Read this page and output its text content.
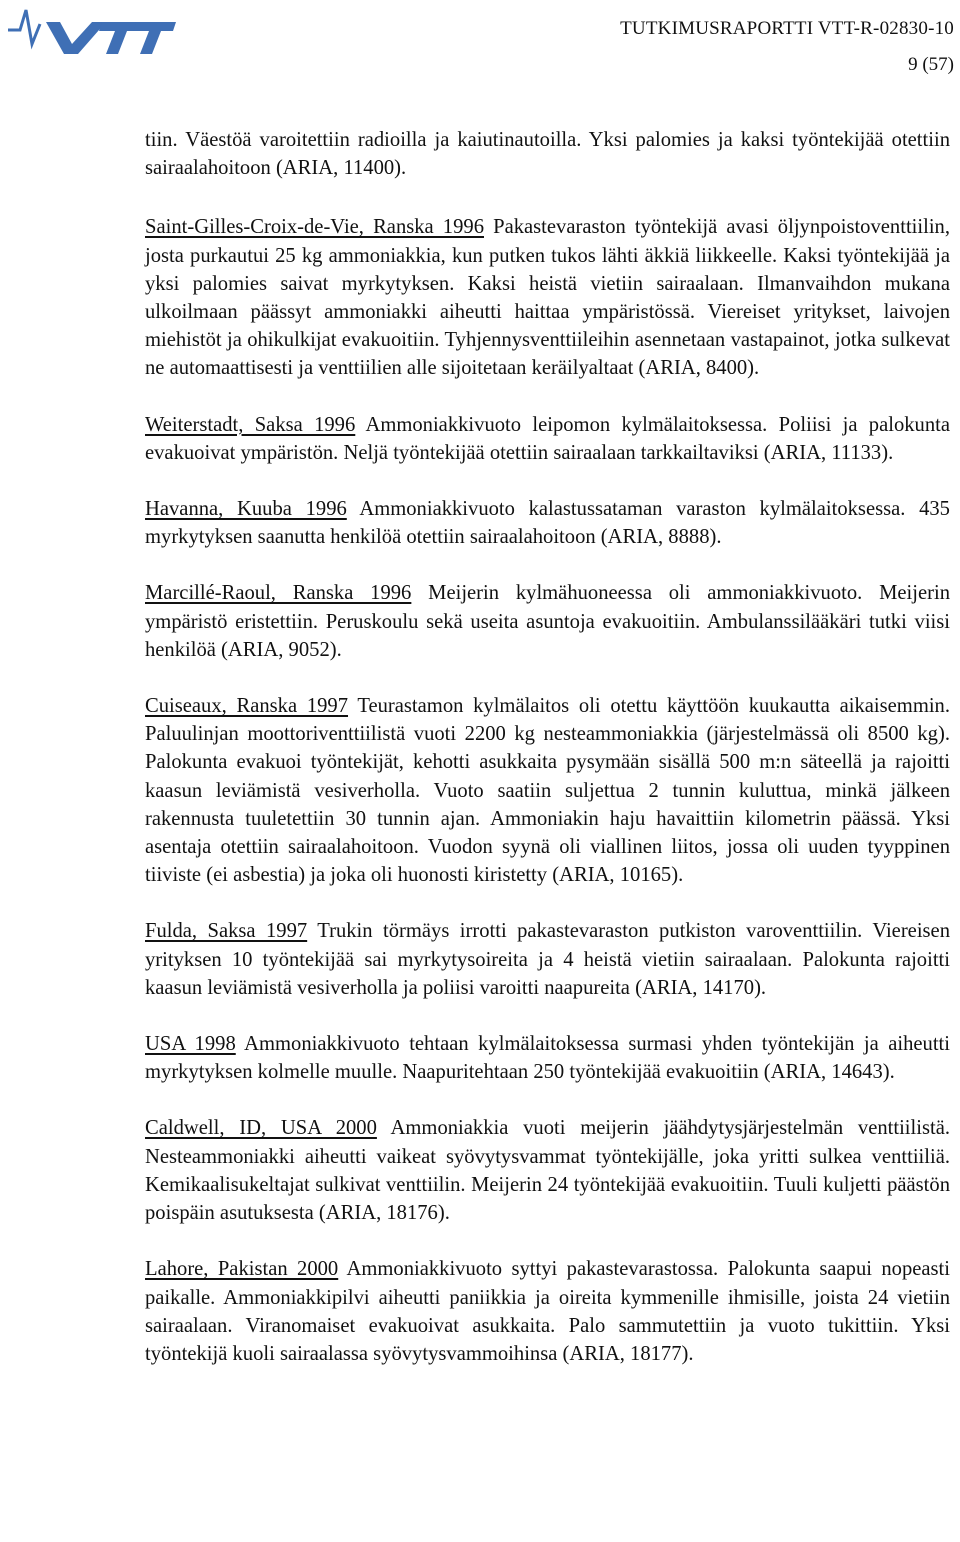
TUTKIMUSRAPORTTI VTT-R-02830-10
9 (57)

tiin. Väestöä varoitettiin radioilla ja kaiutinautoilla. Yksi palomies ja kaksi työntekijää otettiin sairaalahoitoon (ARIA, 11400).

Saint-Gilles-Croix-de-Vie, Ranska 1996 Pakastevaraston työntekijä avasi öljynpoistoventtiilin, josta purkautui 25 kg ammoniakkia, kun putken tukos lähti äkkiä liikkeelle. Kaksi työntekijää ja yksi palomies saivat myrkytyksen. Kaksi heistä vietiin sairaalaan. Ilmanvaihdon mukana ulkoilmaan päässyt ammoniakki aiheutti haittaa ympäristössä. Viereiset yritykset, laivojen miehistöt ja ohikulkijat evakuoitiin. Tyhjennysventtiileihin asennetaan vastapainot, jotka sulkevat ne automaattisesti ja venttiilien alle sijoitetaan keräilyaltaat (ARIA, 8400).

Weiterstadt, Saksa 1996 Ammoniakkivuoto leipomon kylmälaitoksessa. Poliisi ja palokunta evakuoivat ympäristön. Neljä työntekijää otettiin sairaalaan tarkkailtaviksi (ARIA, 11133).

Havanna, Kuuba 1996 Ammoniakkivuoto kalastussataman varaston kylmälaitoksessa. 435 myrkytyksen saanutta henkilöä otettiin sairaalahoitoon (ARIA, 8888).

Marcillé-Raoul, Ranska 1996 Meijerin kylmähuoneessa oli ammoniakkivuoto. Meijerin ympäristö eristettiin. Peruskoulu sekä useita asuntoja evakuoitiin. Ambulanssilääkäri tutki viisi henkilöä (ARIA, 9052).

Cuiseaux, Ranska 1997 Teurastamon kylmälaitos oli otettu käyttöön kuukautta aikaisemmin. Paluulinjan moottoriventtiilistä vuoti 2200 kg nesteammoniakkia (järjestelmässä oli 8500 kg). Palokunta evakuoi työntekijät, kehotti asukkaita pysymään sisällä 500 m:n säteellä ja rajoitti kaasun leviämistä vesiverholla. Vuoto saatiin suljettua 2 tunnin kuluttua, minkä jälkeen rakennusta tuuletettiin 30 tunnin ajan. Ammoniakin haju havaittiin kilometrin päässä. Yksi asentaja otettiin sairaalahoitoon. Vuodon syynä oli viallinen liitos, jossa oli uuden tyyppinen tiiviste (ei asbestia) ja joka oli huonosti kiristetty (ARIA, 10165).

Fulda, Saksa 1997 Trukin törmäys irrotti pakastevaraston putkiston varoventtiilin. Viereisen yrityksen 10 työntekijää sai myrkytysoireita ja 4 heistä vietiin sairaalaan. Palokunta rajoitti kaasun leviämistä vesiverholla ja poliisi varoitti naapureita (ARIA, 14170).

USA 1998 Ammoniakkivuoto tehtaan kylmälaitoksessa surmasi yhden työntekijän ja aiheutti myrkytyksen kolmelle muulle. Naapuritehtaan 250 työntekijää evakuoitiin (ARIA, 14643).

Caldwell, ID, USA 2000 Ammoniakkia vuoti meijerin jäähdytysjärjestelmän venttiilistä. Nesteammoniakki aiheutti vaikeat syövytysvammat työntekijälle, joka yritti sulkea venttiiliä. Kemikaalisukeltajat sulkivat venttiilin. Meijerin 24 työntekijää evakuoitiin. Tuuli kuljetti päästön poispäin asutuksesta (ARIA, 18176).

Lahore, Pakistan 2000 Ammoniakkivuoto syttyi pakastevarastossa. Palokunta saapui nopeasti paikalle. Ammoniakkipilvi aiheutti paniikkia ja oireita kymmenille ihmisille, joista 24 vietiin sairaalaan. Viranomaiset evakuoivat asukkaita. Palo sammutettiin ja vuoto tukittiin. Yksi työntekijä kuoli sairaalassa syövytysvammoihinsa (ARIA, 18177).
